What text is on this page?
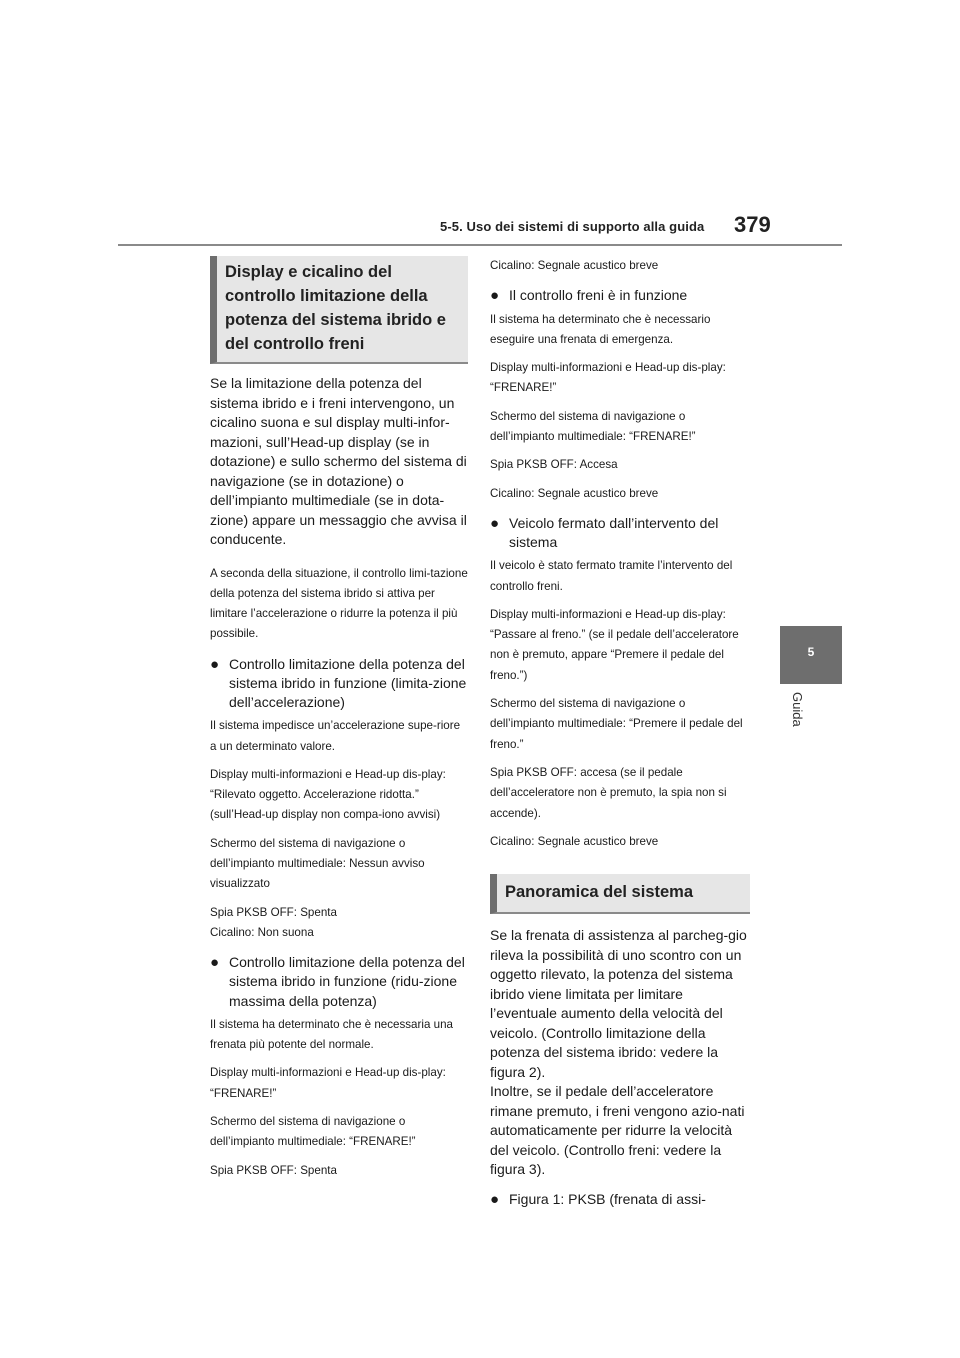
5-5. Uso dei sistemi di supporto alla guida 379
5
Guida
Display e cicalino del controllo limitazione della potenza del sistema ibrido e del controllo freni

Se la limitazione della potenza del sistema ibrido e i freni intervengono, un cicalino suona e sul display multi-infor-mazioni, sull’Head-up display (se in dotazione) e sullo schermo del sistema di navigazione (se in dotazione) o dell’impianto multimediale (se in dota-zione) appare un messaggio che avvisa il conducente.

A seconda della situazione, il controllo limi-tazione della potenza del sistema ibrido si attiva per limitare l’accelerazione o ridurre la potenza il più possibile.

● Controllo limitazione della potenza del sistema ibrido in funzione (limita-zione dell’accelerazione)

Il sistema impedisce un’accelerazione supe-riore a un determinato valore.

Display multi-informazioni e Head-up dis-play: “Rilevato oggetto. Accelerazione ridotta.” (sull’Head-up display non compa-iono avvisi)

Schermo del sistema di navigazione o dell’impianto multimediale: Nessun avviso visualizzato

Spia PKSB OFF: Spenta

Cicalino: Non suona

● Controllo limitazione della potenza del sistema ibrido in funzione (ridu-zione massima della potenza)

Il sistema ha determinato che è necessaria una frenata più potente del normale.

Display multi-informazioni e Head-up dis-play: “FRENARE!”

Schermo del sistema di navigazione o dell’impianto multimediale: “FRENARE!”

Spia PKSB OFF: Spenta

Cicalino: Segnale acustico breve

● Il controllo freni è in funzione

Il sistema ha determinato che è necessario eseguire una frenata di emergenza.

Display multi-informazioni e Head-up dis-play: “FRENARE!”

Schermo del sistema di navigazione o dell’impianto multimediale: “FRENARE!”

Spia PKSB OFF: Accesa

Cicalino: Segnale acustico breve

● Veicolo fermato dall’intervento del sistema

Il veicolo è stato fermato tramite l’intervento del controllo freni.

Display multi-informazioni e Head-up dis-play: “Passare al freno.” (se il pedale dell’acceleratore non è premuto, appare “Premere il pedale del freno.”)

Schermo del sistema di navigazione o dell’impianto multimediale: “Premere il pedale del freno.”

Spia PKSB OFF: accesa (se il pedale dell’acceleratore non è premuto, la spia non si accende).

Cicalino: Segnale acustico breve

Panoramica del sistema

Se la frenata di assistenza al parcheg-gio rileva la possibilità di uno scontro con un oggetto rilevato, la potenza del sistema ibrido viene limitata per limitare l’eventuale aumento della velocità del veicolo. (Controllo limitazione della potenza del sistema ibrido: vedere la figura 2).

Inoltre, se il pedale dell’acceleratore rimane premuto, i freni vengono azio-nati automaticamente per ridurre la velocità del veicolo. (Controllo freni: vedere la figura 3).

● Figura 1: PKSB (frenata di assi-
